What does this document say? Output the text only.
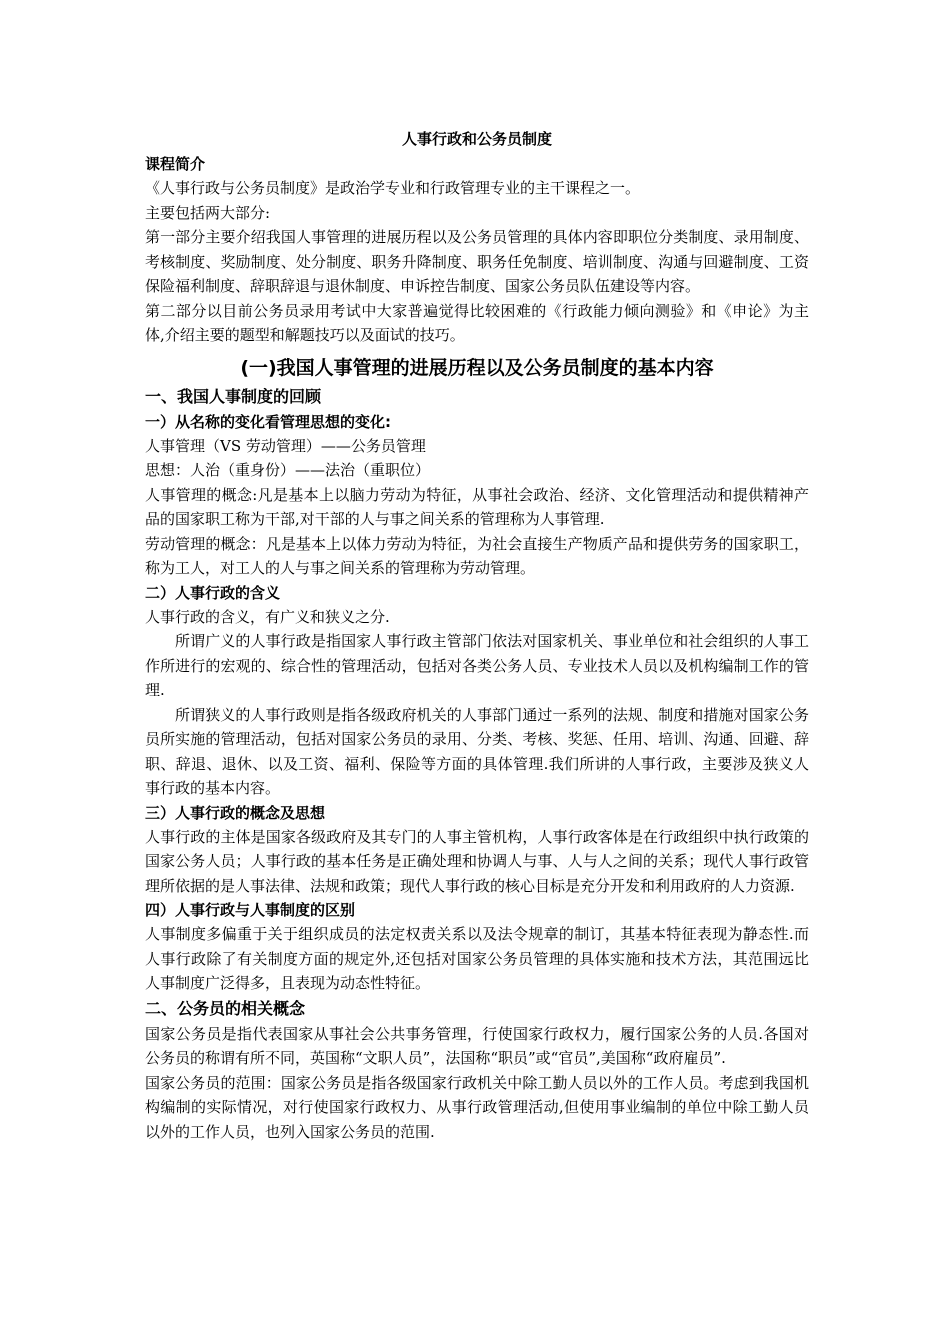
人事行政和公务员制度
课程简介

《人事行政与公务员制度》是政治学专业和行政管理专业的主干课程之一。

主要包括两大部分:

第一部分主要介绍我国人事管理的进展历程以及公务员管理的具体内容即职位分类制度、录用制度、考核制度、奖励制度、处分制度、职务升降制度、职务任免制度、培训制度、沟通与回避制度、工资保险福利制度、辞职辞退与退休制度、申诉控告制度、国家公务员队伍建设等内容。

第二部分以目前公务员录用考试中大家普遍觉得比较困难的《行政能力倾向测验》和《申论》为主体,介绍主要的题型和解题技巧以及面试的技巧。

(一)我国人事管理的进展历程以及公务员制度的基本内容
一、我国人事制度的回顾
一）从名称的变化看管理思想的变化:

人事管理（VS 劳动管理）——公务员管理

思想：人治（重身份）——法治（重职位）

人事管理的概念:凡是基本上以脑力劳动为特征，从事社会政治、经济、文化管理活动和提供精神产品的国家职工称为干部,对干部的人与事之间关系的管理称为人事管理.

劳动管理的概念：凡是基本上以体力劳动为特征，为社会直接生产物质产品和提供劳务的国家职工，称为工人，对工人的人与事之间关系的管理称为劳动管理。

二）人事行政的含义

人事行政的含义，有广义和狭义之分.

所谓广义的人事行政是指国家人事行政主管部门依法对国家机关、事业单位和社会组织的人事工作所进行的宏观的、综合性的管理活动，包括对各类公务人员、专业技术人员以及机构编制工作的管理.

所谓狭义的人事行政则是指各级政府机关的人事部门通过一系列的法规、制度和措施对国家公务员所实施的管理活动，包括对国家公务员的录用、分类、考核、奖惩、任用、培训、沟通、回避、辞职、辞退、退休、以及工资、福利、保险等方面的具体管理.我们所讲的人事行政，主要涉及狭义人事行政的基本内容。

三）人事行政的概念及思想

人事行政的主体是国家各级政府及其专门的人事主管机构，人事行政客体是在行政组织中执行政策的国家公务人员；人事行政的基本任务是正确处理和协调人与事、人与人之间的关系；现代人事行政管理所依据的是人事法律、法规和政策；现代人事行政的核心目标是充分开发和利用政府的人力资源.

四）人事行政与人事制度的区别

人事制度多偏重于关于组织成员的法定权责关系以及法令规章的制订，其基本特征表现为静态性.而人事行政除了有关制度方面的规定外,还包括对国家公务员管理的具体实施和技术方法，其范围远比人事制度广泛得多，且表现为动态性特征。

二、公务员的相关概念

国家公务员是指代表国家从事社会公共事务管理，行使国家行政权力，履行国家公务的人员.各国对公务员的称谓有所不同，英国称“文职人员”，法国称“职员”或“官员”,美国称“政府雇员”.

国家公务员的范围：国家公务员是指各级国家行政机关中除工勤人员以外的工作人员。考虑到我国机构编制的实际情况，对行使国家行政权力、从事行政管理活动,但使用事业编制的单位中除工勤人员以外的工作人员，也列入国家公务员的范围.
